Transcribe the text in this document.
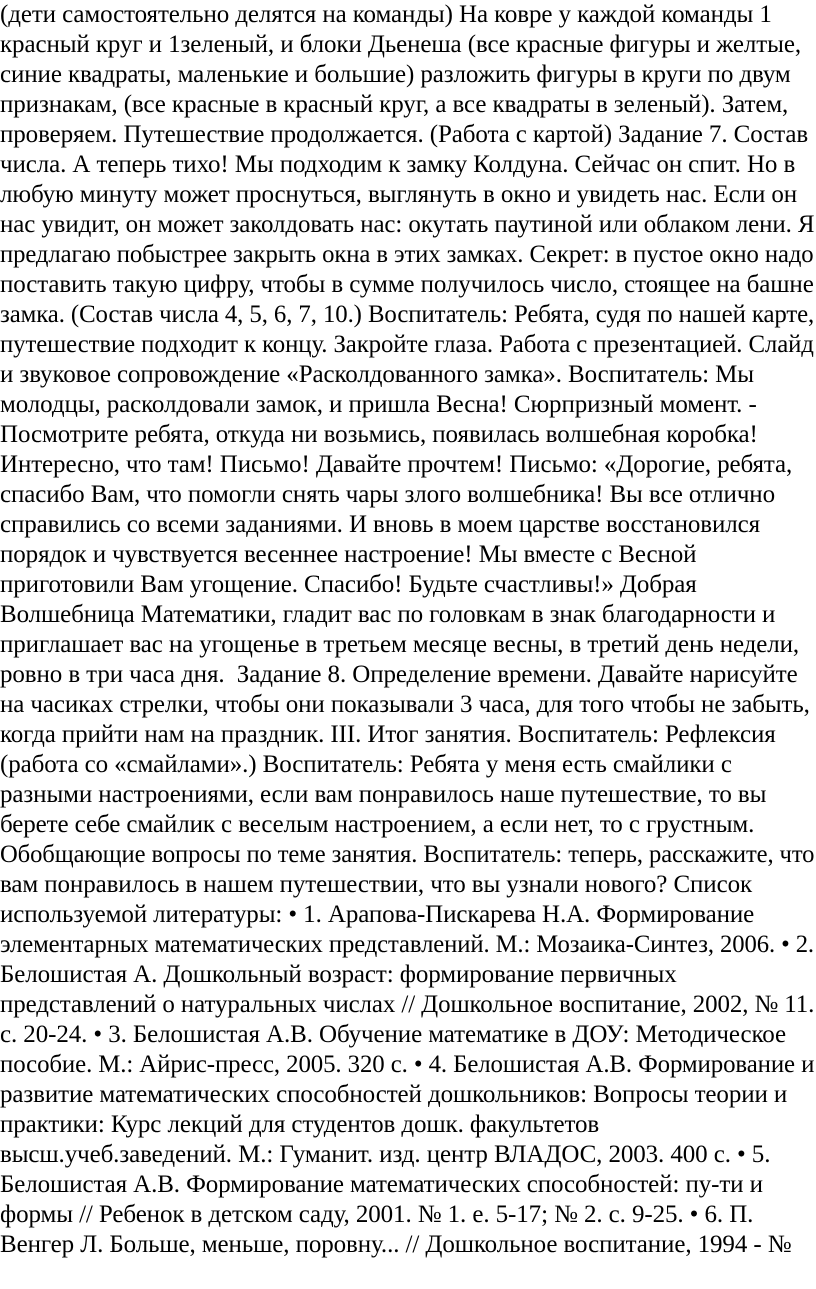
(дети самостоятельно делятся на команды) На ковре у каждой команды 1
красный круг и 1зеленый, и блоки Дьенеша (все красные фигуры и желтые,
синие квадраты, маленькие и большие) разложить фигуры в круги по двум
признакам, (все красные в красный круг, а все квадраты в зеленый). Затем,
проверяем. Путешествие продолжается. (Работа с картой) Задание 7. Состав
числа. А теперь тихо! Мы подходим к замку Колдуна. Сейчас он спит. Но в
любую минуту может проснуться, выглянуть в окно и увидеть нас. Если он
нас увидит, он может заколдовать нас: окутать паутиной или облаком лени. Я
предлагаю побыстрее закрыть окна в этих замках. Секрет: в пустое окно надо
поставить такую цифру, чтобы в сумме получилось число, стоящее на башне
замка. (Состав числа 4, 5, 6, 7, 10.) Воспитатель: Ребята, судя по нашей карте,
путешествие подходит к концу. Закройте глаза. Работа с презентацией. Слайд
и звуковое сопровождение «Расколдованного замка». Воспитатель: Мы
молодцы, расколдовали замок, и пришла Весна! Сюрпризный момент. -
Посмотрите ребята, откуда ни возьмись, появилась волшебная коробка!
Интересно, что там! Письмо! Давайте прочтем! Письмо: «Дорогие, ребята,
спасибо Вам, что помогли снять чары злого волшебника! Вы все отлично
справились со всеми заданиями. И вновь в моем царстве восстановился
порядок и чувствуется весеннее настроение! Мы вместе с Весной
приготовили Вам угощение. Спасибо! Будьте счастливы!» Добрая
Волшебница Математики, гладит вас по головкам в знак благодарности и
приглашает вас на угощенье в третьем месяце весны, в третий день недели,
ровно в три часа дня.  Задание 8. Определение времени. Давайте нарисуйте
на часиках стрелки, чтобы они показывали 3 часа, для того чтобы не забыть,
когда прийти нам на праздник. III. Итог занятия. Воспитатель: Рефлексия
(работа со «смайлами».) Воспитатель: Ребята у меня есть смайлики с
разными настроениями, если вам понравилось наше путешествие, то вы
берете себе смайлик с веселым настроением, а если нет, то с грустным.
Обобщающие вопросы по теме занятия. Воспитатель: теперь, расскажите, что
вам понравилось в нашем путешествии, что вы узнали нового? Список
используемой литературы: • 1. Арапова-Пискарева Н.А. Формирование
элементарных математических представлений. М.: Мозаика-Синтез, 2006. • 2.
Белошистая А. Дошкольный возраст: формирование первичных
представлений о натуральных числах // Дошкольное воспитание, 2002, № 11.
с. 20-24. • 3. Белошистая А.В. Обучение математике в ДОУ: Методическое
пособие. М.: Айрис-пресс, 2005. 320 с. • 4. Белошистая А.В. Формирование и
развитие математических способностей дошкольников: Вопросы теории и
практики: Курс лекций для студентов дошк. факультетов
высш.учеб.заведений. М.: Гуманит. изд. центр ВЛАДОС, 2003. 400 с. • 5.
Белошистая А.В. Формирование математических способностей: пу-ти и
формы // Ребенок в детском саду, 2001. № 1. е. 5-17; № 2. с. 9-25. • 6. П.
Венгер Л. Больше, меньше, поровну... // Дошкольное воспитание, 1994 - №
